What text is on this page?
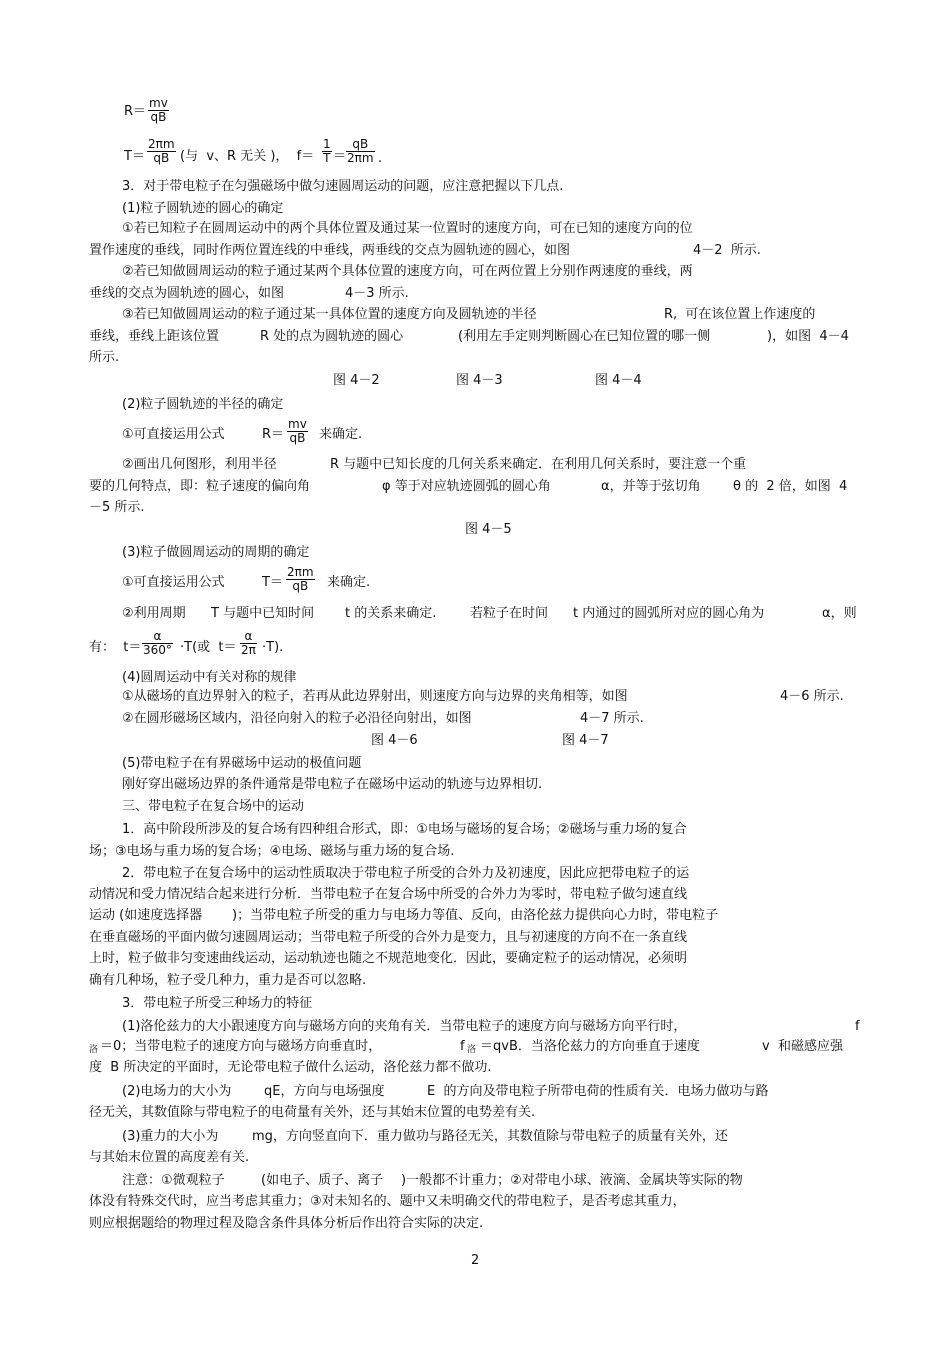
$R= \frac{mv}{qB}$
$T= \frac{2\pi m}{qB}$ (与  v、R 无关 )，  $f= \frac{1}{T} = \frac{qB}{2\pi m}$ .
3．对于带电粒子在匀强磁场中做匀速圆周运动的问题，应注意把握以下几点.
(1)粒子圆轨迹的圆心的确定
①若已知粒子在圆周运动中的两个具体位置及通过某一位置时的速度方向，可在已知的速度方向的位
置作速度的垂线，同时作两位置连线的中垂线，两垂线的交点为圆轨迹的圆心，如图	4－2  所示.
②若已知做圆周运动的粒子通过某两个具体位置的速度方向，可在两位置上分别作两速度的垂线，两
垂线的交点为圆轨迹的圆心，如图	4－3 所示.
③若已知做圆周运动的粒子通过某一具体位置的速度方向及圆轨迹的半径	R,  可在该位置上作速度的
垂线，垂线上距该位置	R 处的点为圆轨迹的圆心	(利用左手定则判断圆心在已知位置的哪一侧	)，如图  4－4
所示.
图 4－2	图 4－3	图 4－4
(2)粒子圆轨迹的半径的确定
①可直接运用公式	$R= \frac{mv}{qB}$ 来确定.
②画出几何图形，利用半径	R 与题中已知长度的几何关系来确定．在利用几何关系时，要注意一个重
要的几何特点，即：粒子速度的偏向角	φ 等于对应轨迹圆弧的圆心角	α，并等于弦切角 θ 的  2 倍，如图  4
－5 所示.
图 4－5
(3)粒子做圆周运动的周期的确定
①可直接运用公式	$T= \frac{2\pi m}{qB}$ 来确定.
②利用周期 T 与题中已知时间 t 的关系来确定.	若粒子在时间 t 内通过的圆弧所对应的圆心角为	α，则
有：  $t= \frac{\alpha}{360^\circ} \cdot T$(或  $t= \frac{\alpha}{2\pi} \cdot T$).
(4)圆周运动中有关对称的规律
①从磁场的直边界射入的粒子，若再从此边界射出，则速度方向与边界的夹角相等，如图	4－6 所示.
②在圆形磁场区域内，沿径向射入的粒子必沿径向射出，如图	4－7 所示.
图 4－6	图 4－7
(5)带电粒子在有界磁场中运动的极值问题
刚好穿出磁场边界的条件通常是带电粒子在磁场中运动的轨迹与边界相切.
三、带电粒子在复合场中的运动
1．高中阶段所涉及的复合场有四种组合形式，即：①电场与磁场的复合场；②磁场与重力场的复合
场；③电场与重力场的复合场；④电场、磁场与重力场的复合场.
2．带电粒子在复合场中的运动性质取决于带电粒子所受的合外力及初速度，因此应把带电粒子的运
动情况和受力情况结合起来进行分析．当带电粒子在复合场中所受的合外力为零时，带电粒子做匀速直线
运动 (如速度选择器 )；当带电粒子所受的重力与电场力等值、反向，由洛伦兹力提供向心力时，带电粒子
在垂直磁场的平面内做匀速圆周运动；当带电粒子所受的合外力是变力，且与初速度的方向不在一条直线
上时，粒子做非匀变速曲线运动，运动轨迹也随之不规范地变化．因此，要确定粒子的运动情况，必须明
确有几种场，粒子受几种力，重力是否可以忽略.
3．带电粒子所受三种场力的特征
(1)洛伦兹力的大小跟速度方向与磁场方向的夹角有关．当带电粒子的速度方向与磁场方向平行时，	f
洛 ＝0；当带电粒子的速度方向与磁场方向垂直时，	f 洛 ＝qvB．当洛伦兹力的方向垂直于速度	v  和磁感应强
度  B 所决定的平面时，无论带电粒子做什么运动，洛伦兹力都不做功.
(2)电场力的大小为	qE，方向与电场强度	E  的方向及带电粒子所带电荷的性质有关．电场力做功与路
径无关，其数值除与带电粒子的电荷量有关外，还与其始末位置的电势差有关.
(3)重力的大小为	mg，方向竖直向下．重力做功与路径无关，其数值除与带电粒子的质量有关外，还
与其始末位置的高度差有关.
注意：①微观粒子	(如电子、质子、离子 )一般都不计重力；②对带电小球、液滴、金属块等实际的物
体没有特殊交代时，应当考虑其重力；③对未知名的、题中又未明确交代的带电粒子，是否考虑其重力，
则应根据题给的物理过程及隐含条件具体分析后作出符合实际的决定.
2
